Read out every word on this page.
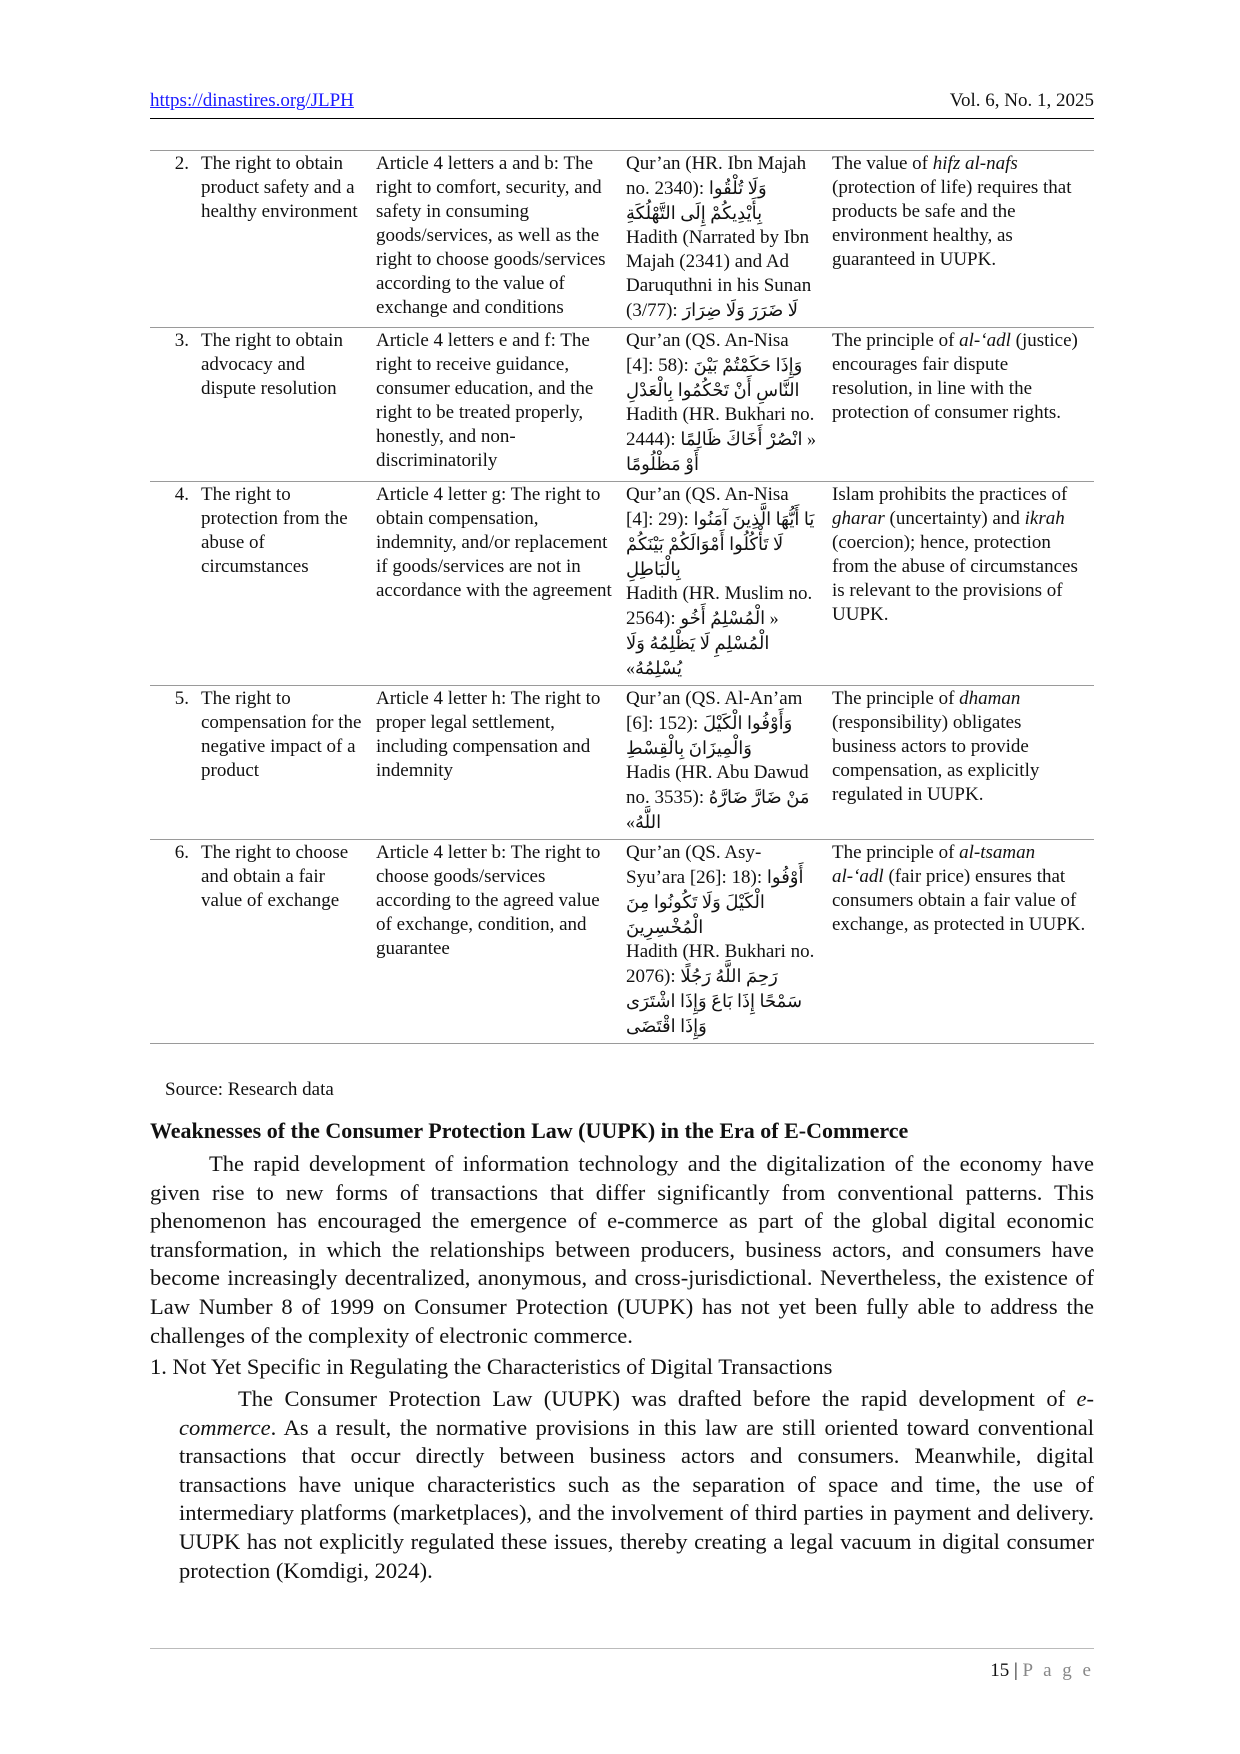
https://dinastires.org/JLPH	Vol. 6, No. 1, 2025
2.	The right to obtain product safety and a healthy environment	Article 4 letters a and b: The right to comfort, security, and safety in consuming goods/services, as well as the right to choose goods/services according to the value of exchange and conditions	Qur’an (HR. Ibn Majah no. 2340): وَلَا تُلْقُوا بِأَيْدِيكُمْ إِلَى التَّهْلُكَةِ
Hadith (Narrated by Ibn Majah (2341) and Ad Daruquthni in his Sunan (3/77): لَا ضَرَرَ وَلَا ضِرَارَ	The value of hifz al-nafs (protection of life) requires that products be safe and the environment healthy, as guaranteed in UUPK.
3.	The right to obtain advocacy and dispute resolution	Article 4 letters e and f: The right to receive guidance, consumer education, and the right to be treated properly, honestly, and non-discriminatorily	Qur’an (QS. An-Nisa [4]: 58): وَإِذَا حَكَمْتُمْ بَيْنَ النَّاسِ أَنْ تَحْكُمُوا بِالْعَدْلِ
Hadith (HR. Bukhari no. 2444): « انْصُرْ أَخَاكَ ظَالِمًا أَوْ مَظْلُومًا	The principle of al-‘adl (justice) encourages fair dispute resolution, in line with the protection of consumer rights.
4.	The right to protection from the abuse of circumstances	Article 4 letter g: The right to obtain compensation, indemnity, and/or replacement if goods/services are not in accordance with the agreement	Qur’an (QS. An-Nisa [4]: 29): يَا أَيُّهَا الَّذِينَ آمَنُوا لَا تَأْكُلُوا أَمْوَالَكُمْ بَيْنَكُمْ بِالْبَاطِلِ
Hadith (HR. Muslim no. 2564): « الْمُسْلِمُ أَخُو الْمُسْلِمِ لَا يَظْلِمُهُ وَلَا يُسْلِمُهُ»	Islam prohibits the practices of gharar (uncertainty) and ikrah (coercion); hence, protection from the abuse of circumstances is relevant to the provisions of UUPK.
5.	The right to compensation for the negative impact of a product	Article 4 letter h: The right to proper legal settlement, including compensation and indemnity	Qur’an (QS. Al-An’am [6]: 152): وَأَوْفُوا الْكَيْلَ وَالْمِيزَانَ بِالْقِسْطِ
Hadis (HR. Abu Dawud no. 3535): مَنْ ضَارَّ ضَارَّهُ اللَّهُ»	The principle of dhaman (responsibility) obligates business actors to provide compensation, as explicitly regulated in UUPK.
6.	The right to choose and obtain a fair value of exchange	Article 4 letter b: The right to choose goods/services according to the agreed value of exchange, condition, and guarantee	Qur’an (QS. Asy-Syu’ara [26]: 18): أَوْفُوا الْكَيْلَ وَلَا تَكُونُوا مِنَ الْمُخْسِرِينَ
Hadith (HR. Bukhari no. 2076): رَحِمَ اللَّهُ رَجُلًا سَمْحًا إِذَا بَاعَ وَإِذَا اشْتَرَى وَإِذَا اقْتَضَى	The principle of al-tsaman al-‘adl (fair price) ensures that consumers obtain a fair value of exchange, as protected in UUPK.
Source: Research data
Weaknesses of the Consumer Protection Law (UUPK) in the Era of E-Commerce

The rapid development of information technology and the digitalization of the economy have given rise to new forms of transactions that differ significantly from conventional patterns. This phenomenon has encouraged the emergence of e-commerce as part of the global digital economic transformation, in which the relationships between producers, business actors, and consumers have become increasingly decentralized, anonymous, and cross-jurisdictional. Nevertheless, the existence of Law Number 8 of 1999 on Consumer Protection (UUPK) has not yet been fully able to address the challenges of the complexity of electronic commerce.

1. Not Yet Specific in Regulating the Characteristics of Digital Transactions

The Consumer Protection Law (UUPK) was drafted before the rapid development of e-commerce. As a result, the normative provisions in this law are still oriented toward conventional transactions that occur directly between business actors and consumers. Meanwhile, digital transactions have unique characteristics such as the separation of space and time, the use of intermediary platforms (marketplaces), and the involvement of third parties in payment and delivery. UUPK has not explicitly regulated these issues, thereby creating a legal vacuum in digital consumer protection (Komdigi, 2024).

15 | P a g e
